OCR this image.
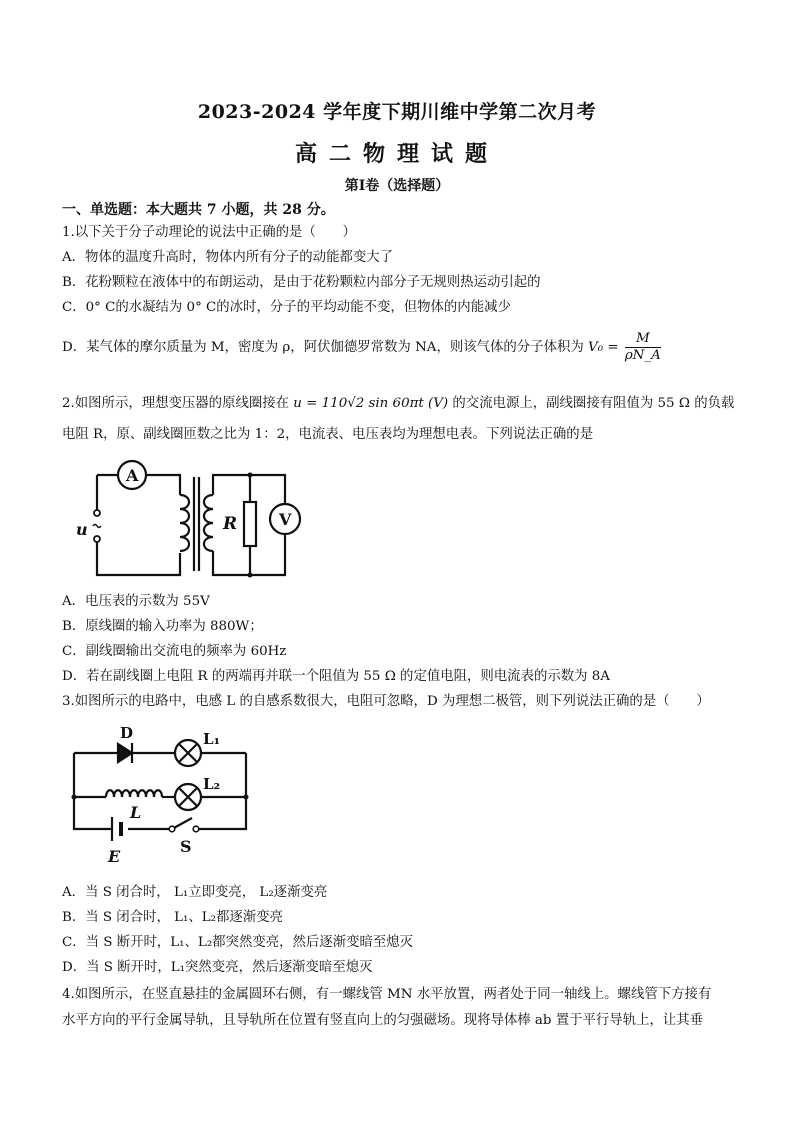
2023-2024 学年度下期川维中学第二次月考
高二物理试题
第Ⅰ卷（选择题）
一、单选题：本大题共 7 小题，共 28 分。
1.以下关于分子动理论的说法中正确的是（　　）
A．物体的温度升高时，物体内所有分子的动能都变大了
B．花粉颗粒在液体中的布朗运动，是由于花粉颗粒内部分子无规则热运动引起的
C．0° C的水凝结为 0° C的冰时，分子的平均动能不变，但物体的内能减少
D．某气体的摩尔质量为 M，密度为 ρ，阿伏伽德罗常数为 NA，则该气体的分子体积为 $V_0 = \frac{M}{\rho N\_A}$
2.如图所示，理想变压器的原线圈接在 u = 110√2 sin 60πt (V) 的交流电源上，副线圈接有阻值为 55 Ω 的负载
电阻 R，原、副线圈匝数之比为 1：2，电流表、电压表均为理想电表。下列说法正确的是
A
V
R
u
A．电压表的示数为 55V
B．原线圈的输入功率为 880W；
C．副线圈输出交流电的频率为 60Hz
D．若在副线圈上电阻 R 的两端再并联一个阻值为 55 Ω 的定值电阻，则电流表的示数为 8A
3.如图所示的电路中，电感 L 的自感系数很大，电阻可忽略，D 为理想二极管，则下列说法正确的是（　　）
D	L₁
L₂
L
E
S
A．当 S 闭合时， L₁立即变亮， L₂逐渐变亮
B．当 S 闭合时， L₁、L₂都逐渐变亮
C．当 S 断开时，L₁、L₂都突然变亮，然后逐渐变暗至熄灭
D．当 S 断开时，L₁突然变亮，然后逐渐变暗至熄灭
4.如图所示，在竖直悬挂的金属圆环右侧，有一螺线管 MN 水平放置，两者处于同一轴线上。螺线管下方接有
水平方向的平行金属导轨，且导轨所在位置有竖直向上的匀强磁场。现将导体棒 ab 置于平行导轨上，让其垂
